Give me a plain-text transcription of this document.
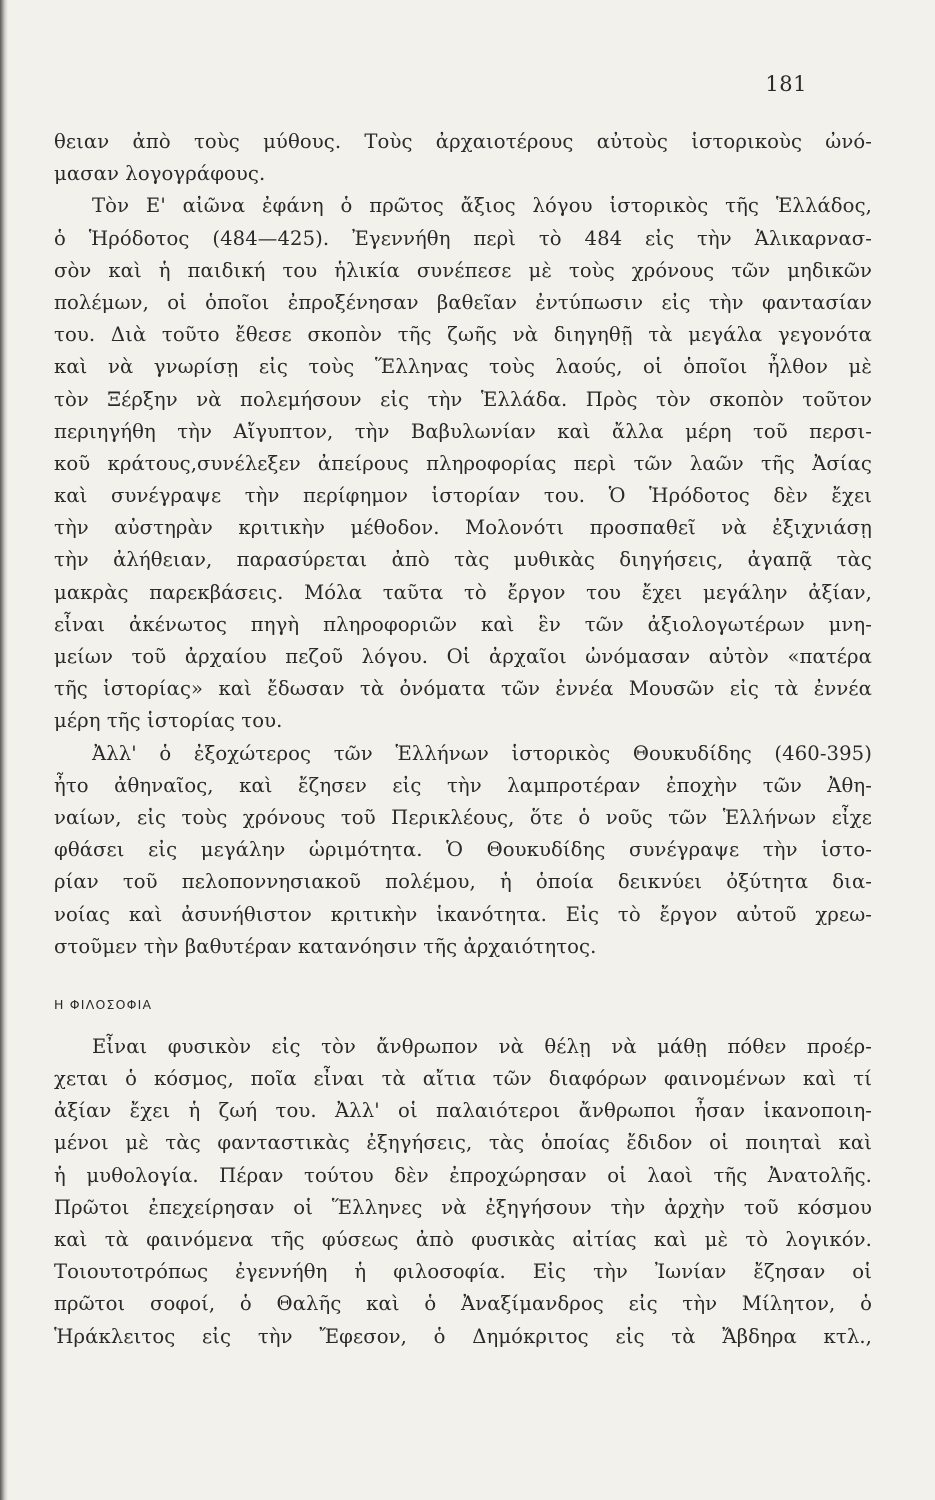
181
θειαν ἀπὸ τοὺς μύθους. Τοὺς ἀρχαιοτέρους αὐτοὺς ἱστορικοὺς ὠνό-
μασαν λογογράφους.
Τὸν Ε' αἰῶνα ἐφάνη ὁ πρῶτος ἄξιος λόγου ἱστορικὸς τῆς Ἑλλάδος,
ὁ Ἡρόδοτος (484—425). Ἐγεννήθη περὶ τὸ 484 εἰς τὴν Ἁλικαρνασ-
σὸν καὶ ἡ παιδική του ἡλικία συνέπεσε μὲ τοὺς χρόνους τῶν μηδικῶν
πολέμων, οἱ ὁποῖοι ἐπροξένησαν βαθεῖαν ἐντύπωσιν εἰς τὴν φαντασίαν
του. Διὰ τοῦτο ἔθεσε σκοπὸν τῆς ζωῆς νὰ διηγηθῇ τὰ μεγάλα γεγονότα
καὶ νὰ γνωρίσῃ εἰς τοὺς Ἕλληνας τοὺς λαούς, οἱ ὁποῖοι ἦλθον μὲ
τὸν Ξέρξην νὰ πολεμήσουν εἰς τὴν Ἑλλάδα. Πρὸς τὸν σκοπὸν τοῦτον
περιηγήθη τὴν Αἴγυπτον, τὴν Βαβυλωνίαν καὶ ἄλλα μέρη τοῦ περσι-
κοῦ κράτους,συνέλεξεν ἀπείρους πληροφορίας περὶ τῶν λαῶν τῆς Ἀσίας
καὶ συνέγραψε τὴν περίφημον ἱστορίαν του. Ὁ Ἡρόδοτος δὲν ἔχει
τὴν αὐστηρὰν κριτικὴν μέθοδον. Μολονότι προσπαθεῖ νὰ ἐξιχνιάσῃ
τὴν ἀλήθειαν, παρασύρεται ἀπὸ τὰς μυθικὰς διηγήσεις, ἀγαπᾷ τὰς
μακρὰς παρεκβάσεις. Μόλα ταῦτα τὸ ἔργον του ἔχει μεγάλην ἀξίαν,
εἶναι ἀκένωτος πηγὴ πληροφοριῶν καὶ ἓν τῶν ἀξιολογωτέρων μνη-
μείων τοῦ ἀρχαίου πεζοῦ λόγου. Οἱ ἀρχαῖοι ὠνόμασαν αὐτὸν «πατέρα
τῆς ἱστορίας» καὶ ἔδωσαν τὰ ὀνόματα τῶν ἐννέα Μουσῶν εἰς τὰ ἐννέα
μέρη τῆς ἱστορίας του.
Ἀλλ' ὁ ἐξοχώτερος τῶν Ἑλλήνων ἱστορικὸς Θουκυδίδης (460-395)
ἦτο ἀθηναῖος, καὶ ἔζησεν εἰς τὴν λαμπροτέραν ἐποχὴν τῶν Ἀθη-
ναίων, εἰς τοὺς χρόνους τοῦ Περικλέους, ὅτε ὁ νοῦς τῶν Ἑλλήνων εἶχε
φθάσει εἰς μεγάλην ὡριμότητα. Ὁ Θουκυδίδης συνέγραψε τὴν ἱστο-
ρίαν τοῦ πελοποννησιακοῦ πολέμου, ἡ ὁποία δεικνύει ὀξύτητα δια-
νοίας καὶ ἀσυνήθιστον κριτικὴν ἱκανότητα. Εἰς τὸ ἔργον αὐτοῦ χρεω-
στοῦμεν τὴν βαθυτέραν κατανόησιν τῆς ἀρχαιότητος.
Η ΦΙΛΟΣΟΦΙΑ
Εἶναι φυσικὸν εἰς τὸν ἄνθρωπον νὰ θέλῃ νὰ μάθῃ πόθεν προέρ-
χεται ὁ κόσμος, ποῖα εἶναι τὰ αἴτια τῶν διαφόρων φαινομένων καὶ τί
ἀξίαν ἔχει ἡ ζωή του. Ἀλλ' οἱ παλαιότεροι ἄνθρωποι ἦσαν ἱκανοποιη-
μένοι μὲ τὰς φανταστικὰς ἐξηγήσεις, τὰς ὁποίας ἔδιδον οἱ ποιηταὶ καὶ
ἡ μυθολογία. Πέραν τούτου δὲν ἐπροχώρησαν οἱ λαοὶ τῆς Ἀνατολῆς.
Πρῶτοι ἐπεχείρησαν οἱ Ἕλληνες νὰ ἐξηγήσουν τὴν ἀρχὴν τοῦ κόσμου
καὶ τὰ φαινόμενα τῆς φύσεως ἀπὸ φυσικὰς αἰτίας καὶ μὲ τὸ λογικόν.
Τοιουτοτρόπως ἐγεννήθη ἡ φιλοσοφία. Εἰς τὴν Ἰωνίαν ἔζησαν οἱ
πρῶτοι σοφοί, ὁ Θαλῆς καὶ ὁ Ἀναξίμανδρος εἰς τὴν Μίλητον, ὁ
Ἡράκλειτος εἰς τὴν Ἔφεσον, ὁ Δημόκριτος εἰς τὰ Ἄβδηρα κτλ.,
